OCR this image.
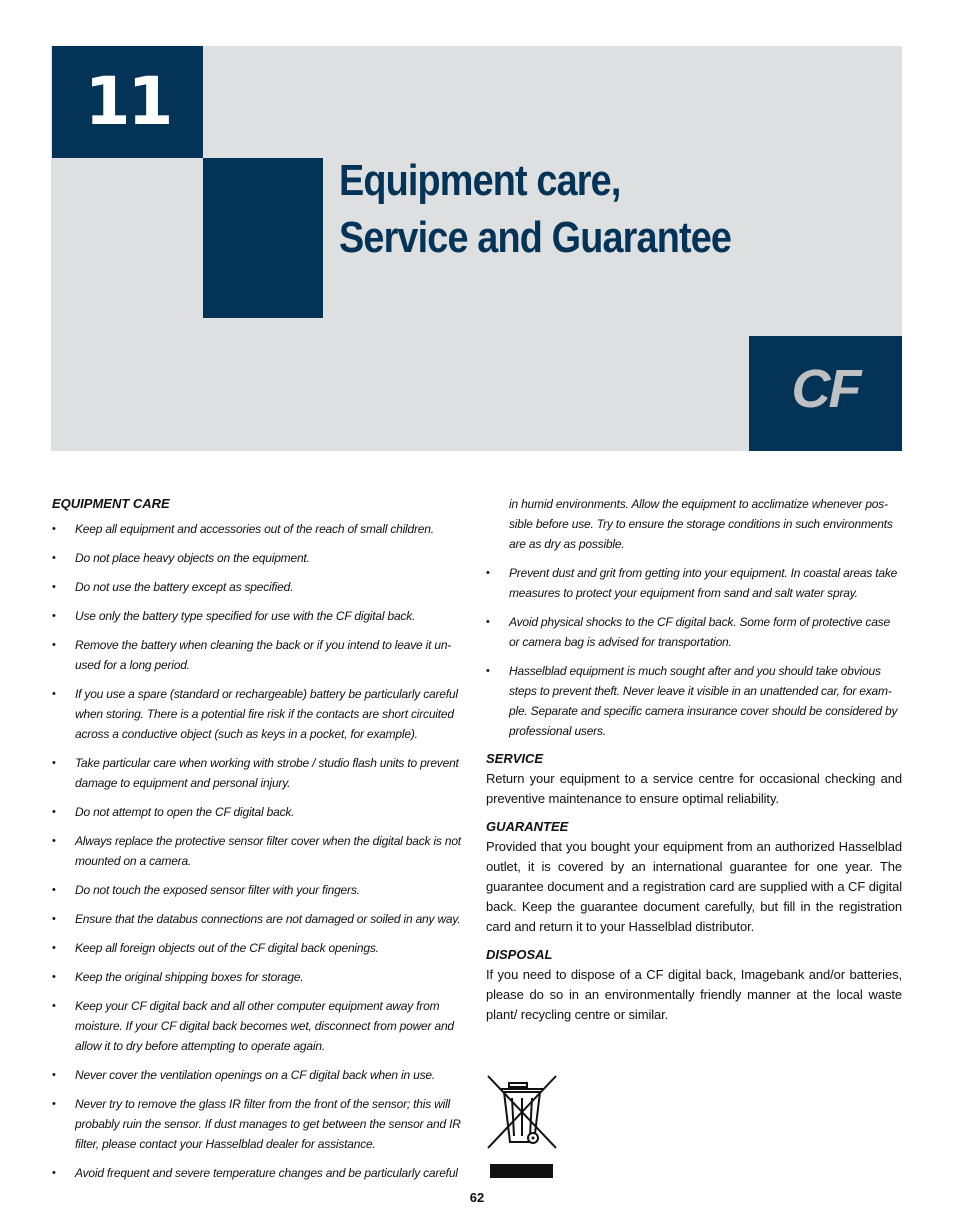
11
Equipment care,
Service and Guarantee
CF

EQUIPMENT CARE

• Keep all equipment and accessories out of the reach of small children.
• Do not place heavy objects on the equipment.
• Do not use the battery except as specified.
• Use only the battery type specified for use with the CF digital back.
• Remove the battery when cleaning the back or if you intend to leave it un-used for a long period.
• If you use a spare (standard or rechargeable) battery be particularly careful when storing. There is a potential fire risk if the contacts are short circuited across a conductive object (such as keys in a pocket, for example).
• Take particular care when working with strobe / studio flash units to prevent damage to equipment and personal injury.
• Do not attempt to open the CF digital back.
• Always replace the protective sensor filter cover when the digital back is not mounted on a camera.
• Do not touch the exposed sensor filter with your fingers.
• Ensure that the databus connections are not damaged or soiled in any way.
• Keep all foreign objects out of the CF digital back openings.
• Keep the original shipping boxes for storage.
• Keep your CF digital back and all other computer equipment away from moisture. If your CF digital back becomes wet, disconnect from power and allow it to dry before attempting to operate again.
• Never cover the ventilation openings on a CF digital back when in use.
• Never try to remove the glass IR filter from the front of the sensor; this will probably ruin the sensor. If dust manages to get between the sensor and IR filter, please contact your Hasselblad dealer for assistance.
• Avoid frequent and severe temperature changes and be particularly careful

in humid environments. Allow the equipment to acclimatize whenever pos-sible before use. Try to ensure the storage conditions in such environments are as dry as possible.

• Prevent dust and grit from getting into your equipment. In coastal areas take measures to protect your equipment from sand and salt water spray.
• Avoid physical shocks to the CF digital back. Some form of protective case or camera bag is advised for transportation.
• Hasselblad equipment is much sought after and you should take obvious steps to prevent theft. Never leave it visible in an unattended car, for exam-ple. Separate and specific camera insurance cover should be considered by professional users.

SERVICE

Return your equipment to a service centre for occasional checking and preventive maintenance to ensure optimal reliability.

GUARANTEE

Provided that you bought your equipment from an authorized Hasselblad outlet, it is covered by an international guarantee for one year. The guarantee document and a registration card are supplied with a CF digital back. Keep the guarantee document carefully, but fill in the registration card and return it to your Hasselblad distributor.

DISPOSAL

If you need to dispose of a CF digital back, Imagebank and/or batteries, please do so in an environmentally friendly manner at the local waste plant/ recycling centre or similar.

62
